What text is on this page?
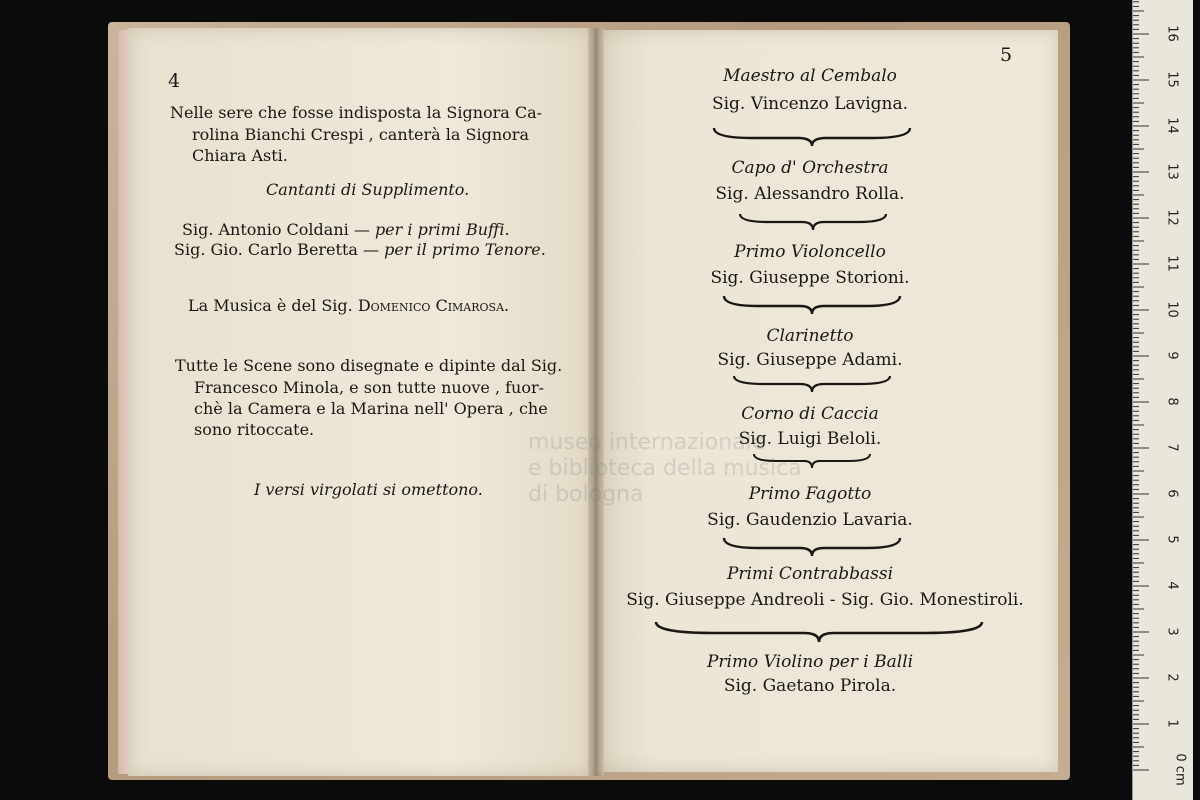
museo internazionale
e biblioteca della musica
di bologna
4
Nelle sere che fosse indisposta la Signora Ca-
rolina Bianchi Crespi , canterà la Signora
Chiara Asti.
Cantanti di Supplimento.
Sig. Antonio Coldani — per i primi Buffi.
Sig. Gio. Carlo Beretta — per il primo Tenore.
La Musica è del Sig. Domenico Cimarosa.
Tutte le Scene sono disegnate e dipinte dal Sig.
Francesco Minola, e son tutte nuove , fuor-
chè la Camera e la Marina nell' Opera , che
sono ritoccate.
I versi virgolati si omettono.
5
Maestro al Cembalo
Sig. Vincenzo Lavigna.
Capo d' Orchestra
Sig. Alessandro Rolla.
Primo Violoncello
Sig. Giuseppe Storioni.
Clarinetto
Sig. Giuseppe Adami.
Corno di Caccia
Sig. Luigi Beloli.
Primo Fagotto
Sig. Gaudenzio Lavaria.
Primi Contrabbassi
Sig. Giuseppe Andreoli - Sig. Gio. Monestiroli.
Primo Violino per i Balli
Sig. Gaetano Pirola.
0 cm
1
2
3
4
5
6
7
8
9
10
11
12
13
14
15
16
